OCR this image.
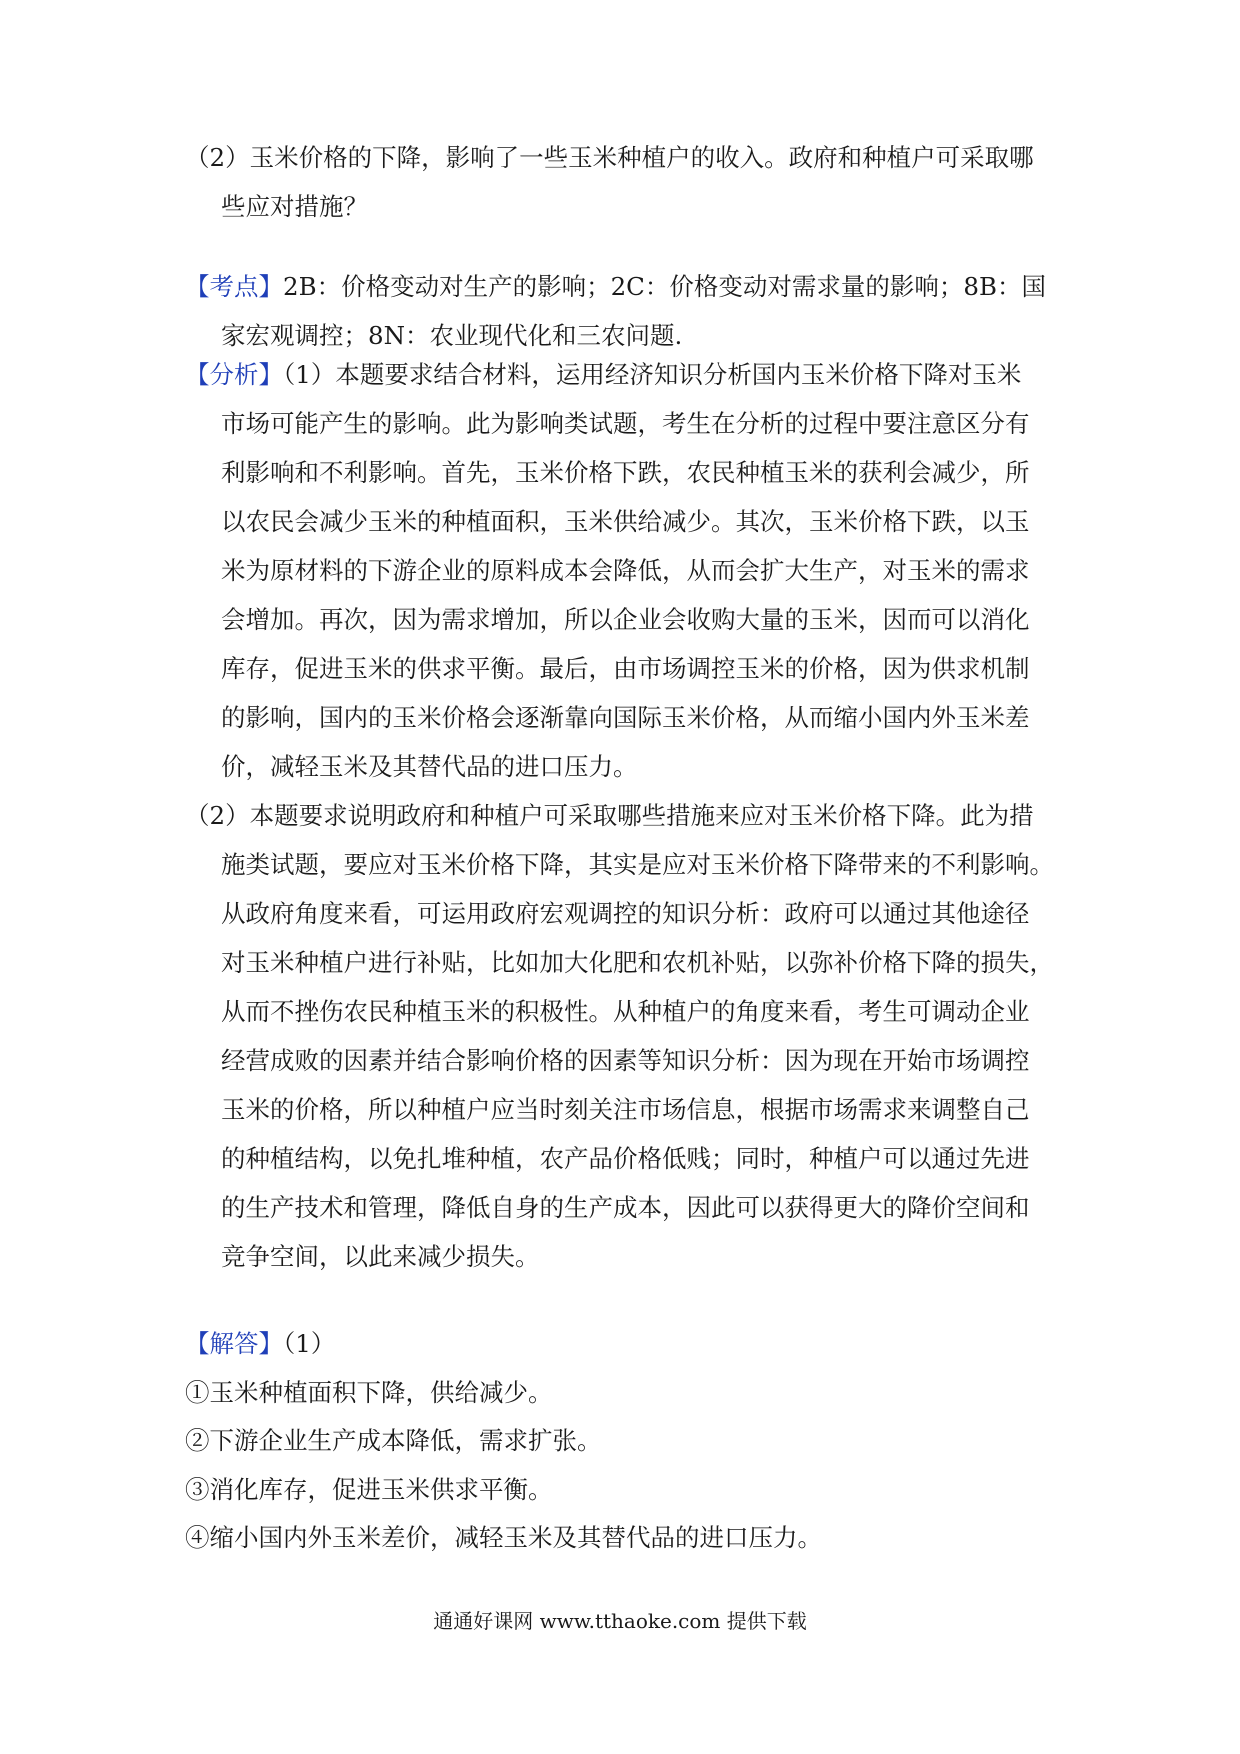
（2）玉米价格的下降，影响了一些玉米种植户的收入。政府和种植户可采取哪
些应对措施？
【考点】2B：价格变动对生产的影响；2C：价格变动对需求量的影响；8B：国
家宏观调控；8N：农业现代化和三农问题.
【分析】（1）本题要求结合材料，运用经济知识分析国内玉米价格下降对玉米
市场可能产生的影响。此为影响类试题，考生在分析的过程中要注意区分有
利影响和不利影响。首先，玉米价格下跌，农民种植玉米的获利会减少，所
以农民会减少玉米的种植面积，玉米供给减少。其次，玉米价格下跌，以玉
米为原材料的下游企业的原料成本会降低，从而会扩大生产，对玉米的需求
会增加。再次，因为需求增加，所以企业会收购大量的玉米，因而可以消化
库存，促进玉米的供求平衡。最后，由市场调控玉米的价格，因为供求机制
的影响，国内的玉米价格会逐渐靠向国际玉米价格，从而缩小国内外玉米差
价，减轻玉米及其替代品的进口压力。
（2）本题要求说明政府和种植户可采取哪些措施来应对玉米价格下降。此为措
施类试题，要应对玉米价格下降，其实是应对玉米价格下降带来的不利影响。
从政府角度来看，可运用政府宏观调控的知识分析：政府可以通过其他途径
对玉米种植户进行补贴，比如加大化肥和农机补贴，以弥补价格下降的损失，
从而不挫伤农民种植玉米的积极性。从种植户的角度来看，考生可调动企业
经营成败的因素并结合影响价格的因素等知识分析：因为现在开始市场调控
玉米的价格，所以种植户应当时刻关注市场信息，根据市场需求来调整自己
的种植结构，以免扎堆种植，农产品价格低贱；同时，种植户可以通过先进
的生产技术和管理，降低自身的生产成本，因此可以获得更大的降价空间和
竞争空间，以此来减少损失。
【解答】（1）
①玉米种植面积下降，供给减少。
②下游企业生产成本降低，需求扩张。
③消化库存，促进玉米供求平衡。
④缩小国内外玉米差价，减轻玉米及其替代品的进口压力。
通通好课网 www.tthaoke.com 提供下载
